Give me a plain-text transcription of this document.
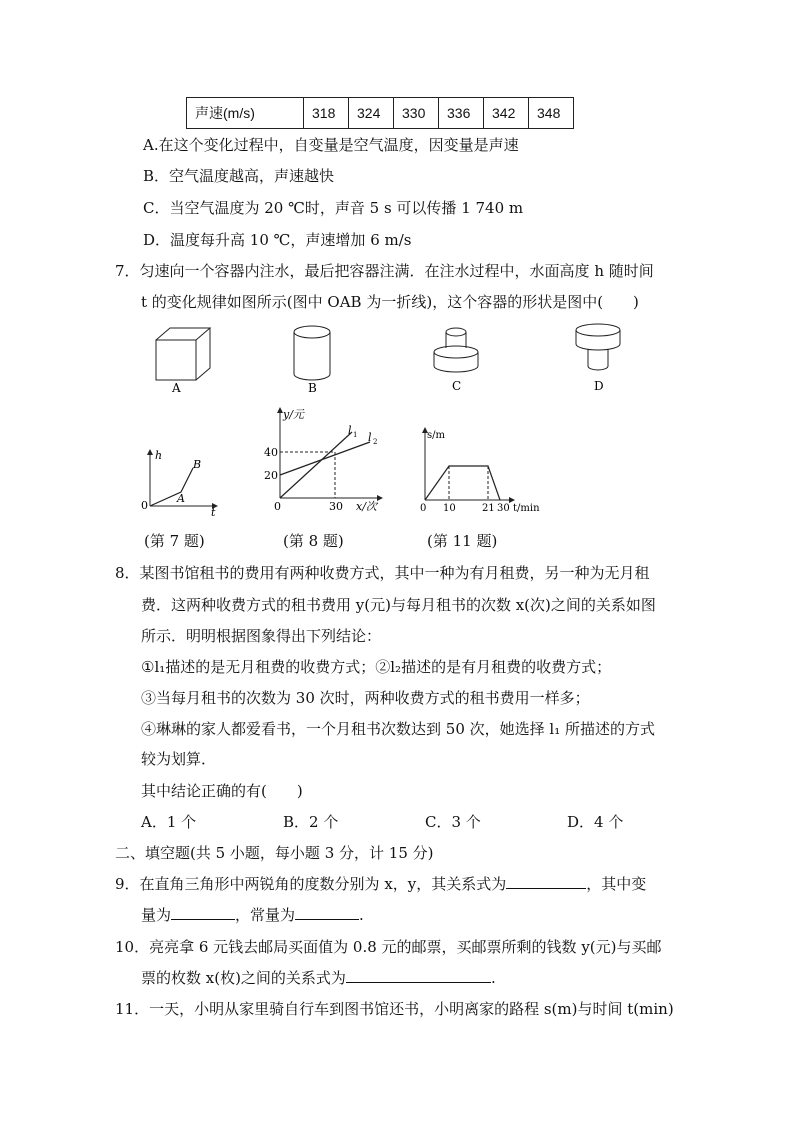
声速(m/s)	318	324	330	336	342	348
A.在这个变化过程中，自变量是空气温度，因变量是声速
B．空气温度越高，声速越快
C．当空气温度为 20 ℃时，声音 5 s 可以传播 1 740 m
D．温度每升高 10 ℃，声速增加 6 m/s
7．匀速向一个容器内注水，最后把容器注满．在注水过程中，水面高度 h 随时间
t 的变化规律如图所示(图中 OAB 为一折线)，这个容器的形状是图中(　　)
A	B	C	D
h
t
0
A
B
y/元
x/次
40
20
0	30
l 1 l 2
s/m
t/min
0 10	21 30
(第 7 题)	(第 8 题)	(第 11 题)
8．某图书馆租书的费用有两种收费方式，其中一种为有月租费，另一种为无月租
费．这两种收费方式的租书费用 y(元)与每月租书的次数 x(次)之间的关系如图
所示．明明根据图象得出下列结论：
①l₁描述的是无月租费的收费方式；②l₂描述的是有月租费的收费方式；
③当每月租书的次数为 30 次时，两种收费方式的租书费用一样多；
④琳琳的家人都爱看书，一个月租书次数达到 50 次，她选择 l₁ 所描述的方式
较为划算．
其中结论正确的有(　　)
A．1 个	B．2 个	C．3 个	D．4 个
二、填空题(共 5 小题，每小题 3 分，计 15 分)
9．在直角三角形中两锐角的度数分别为 x，y，其关系式为	，其中变
量为	，常量为	.
10．亮亮拿 6 元钱去邮局买面值为 0.8 元的邮票，买邮票所剩的钱数 y(元)与买邮
票的枚数 x(枚)之间的关系式为	.
11．一天，小明从家里骑自行车到图书馆还书，小明离家的路程 s(m)与时间 t(min)
